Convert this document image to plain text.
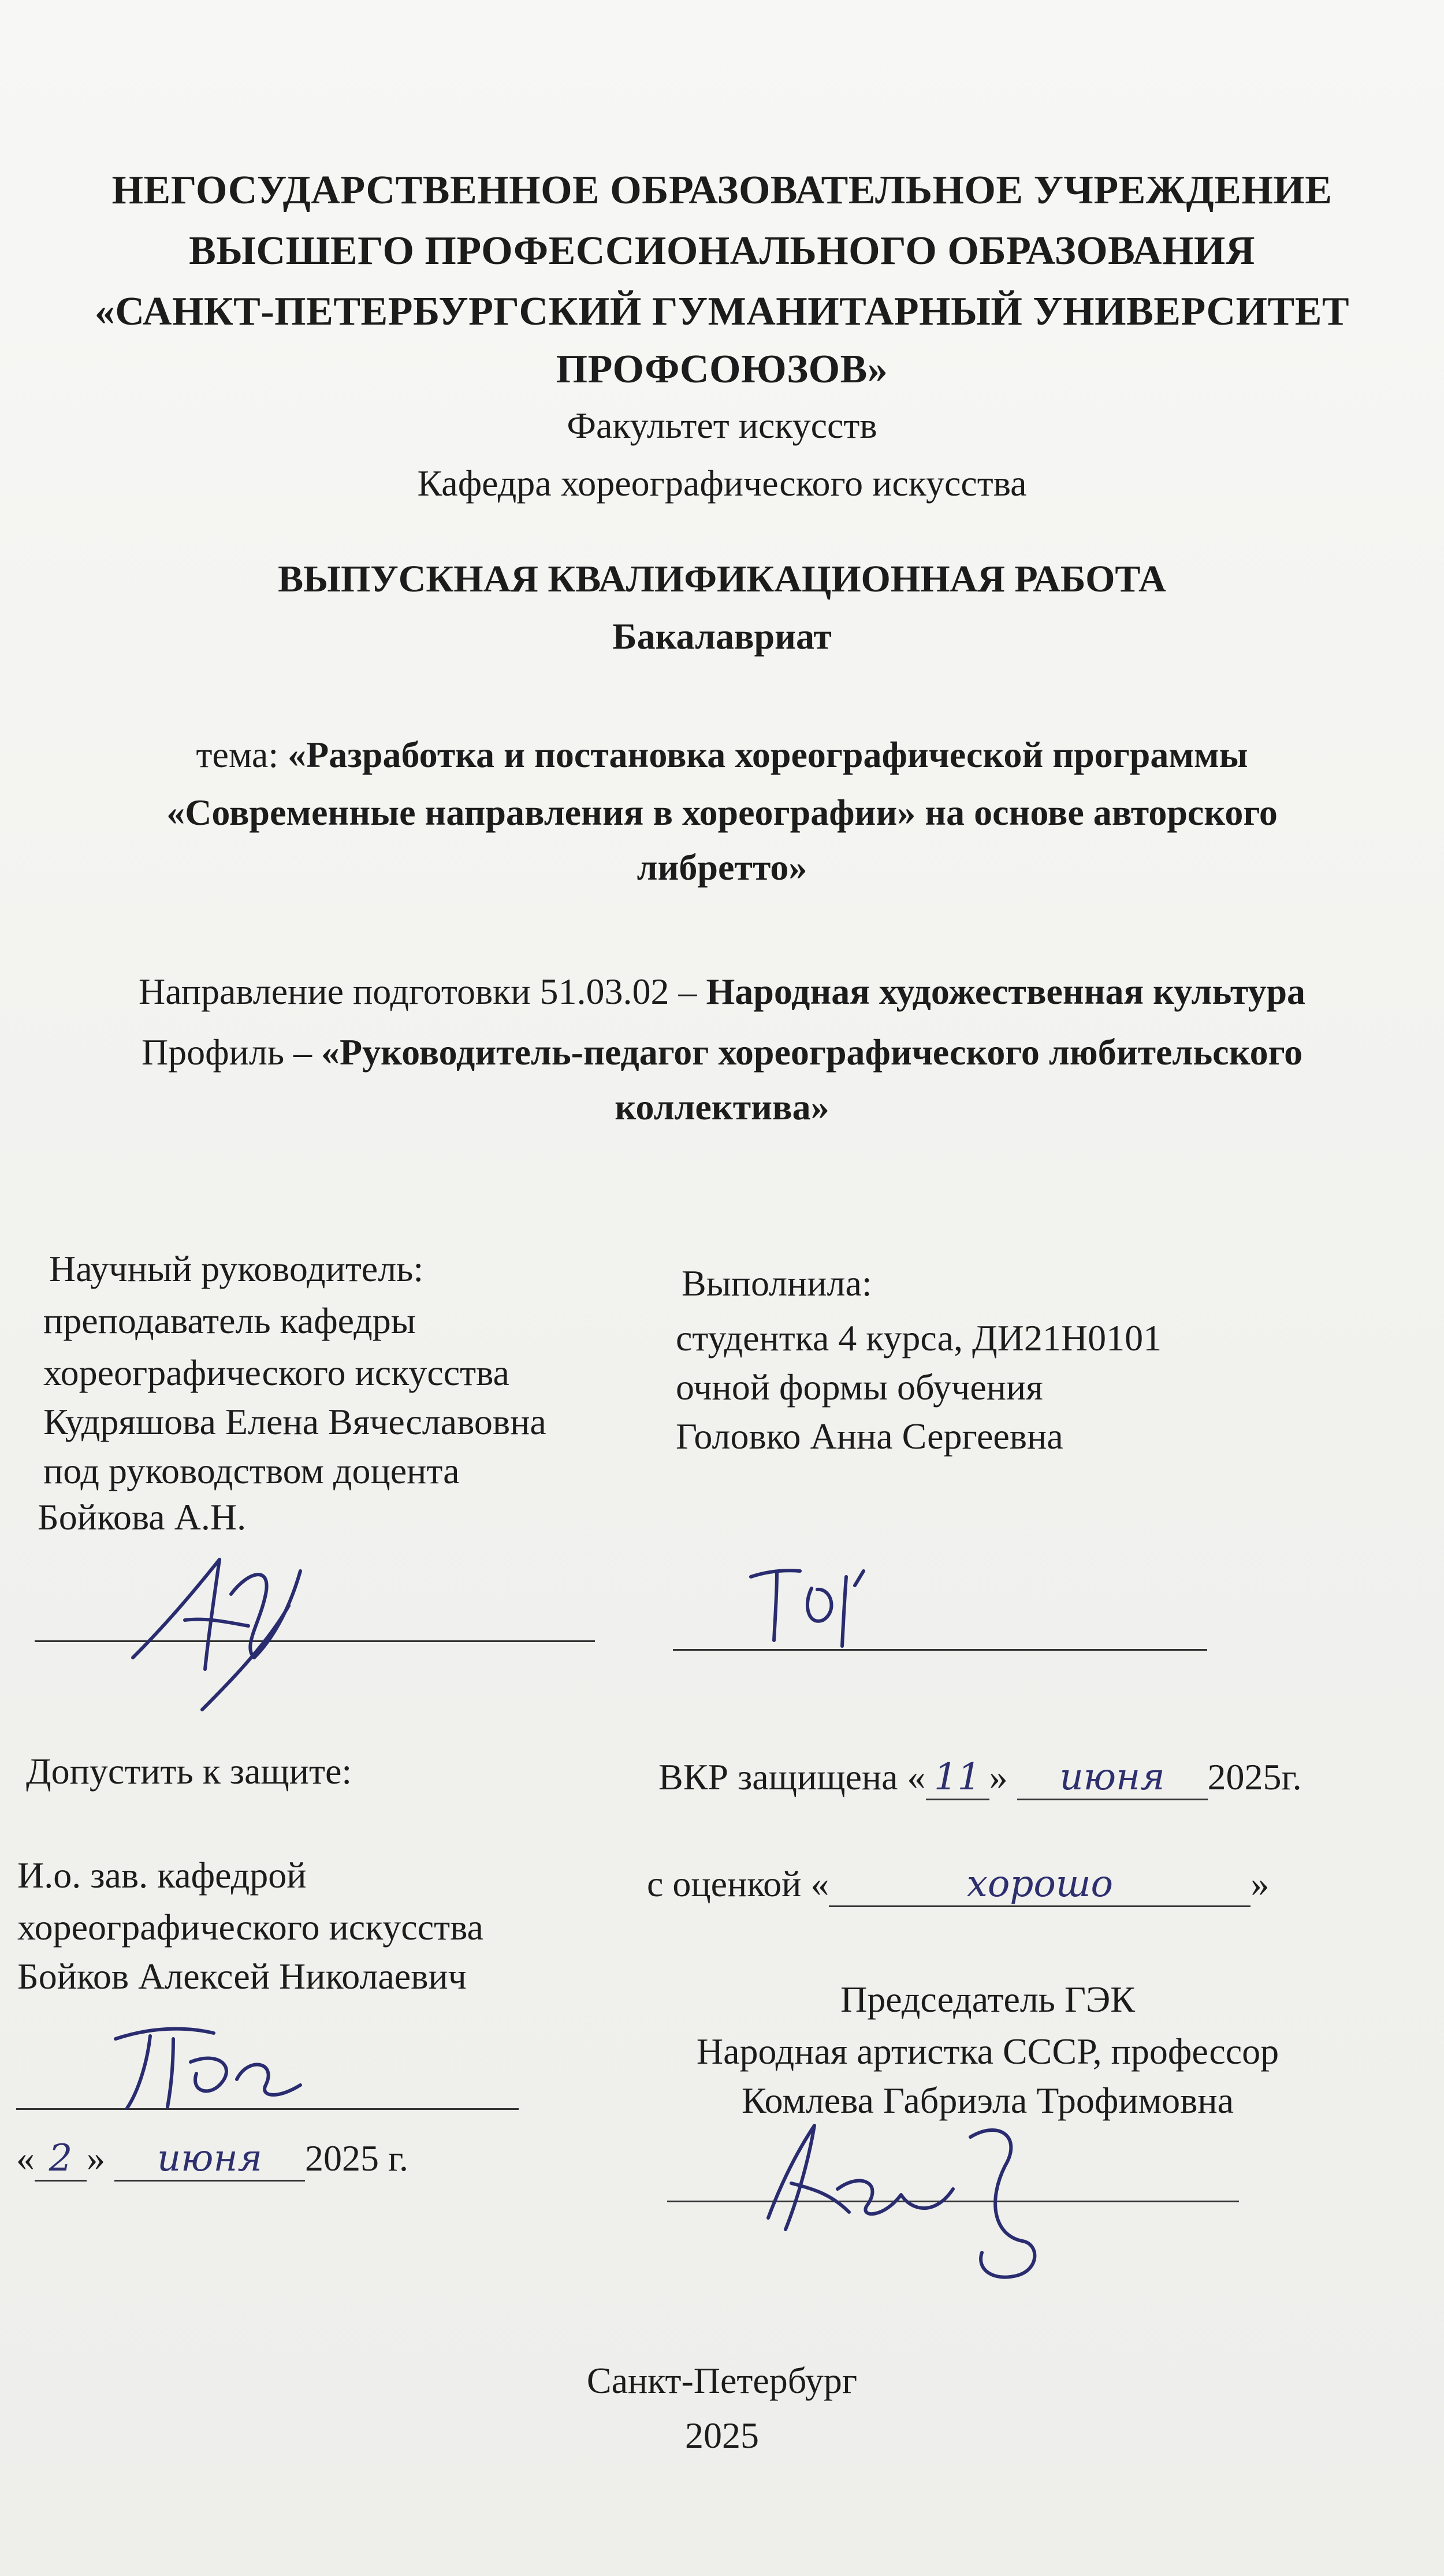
НЕГОСУДАРСТВЕННОЕ ОБРАЗОВАТЕЛЬНОЕ УЧРЕЖДЕНИЕ
ВЫСШЕГО ПРОФЕССИОНАЛЬНОГО ОБРАЗОВАНИЯ
«САНКТ-ПЕТЕРБУРГСКИЙ ГУМАНИТАРНЫЙ УНИВЕРСИТЕТ
ПРОФСОЮЗОВ»
Факультет искусств
Кафедра хореографического искусства
ВЫПУСКНАЯ КВАЛИФИКАЦИОННАЯ РАБОТА
Бакалавриат
тема: «Разработка и постановка хореографической программы
«Современные направления в хореографии» на основе авторского
либретто»
Направление подготовки 51.03.02 – Народная художественная культура
Профиль – «Руководитель-педагог хореографического любительского
коллектива»
Научный руководитель:
преподаватель кафедры
хореографического искусства
Кудряшова Елена Вячеславовна
под руководством доцента
Бойкова А.Н.
Выполнила:
студентка 4 курса, ДИ21Н0101
очной формы обучения
Головко Анна Сергеевна
Допустить к защите:
И.о. зав. кафедрой
хореографического искусства
Бойков Алексей Николаевич
« 2 » июня 2025 г.
ВКР защищена « 11 » июня 2025г.
с оценкой «	хорошо	»
Председатель ГЭК
Народная артистка СССР, профессор
Комлева Габриэла Трофимовна
Санкт-Петербург
2025
